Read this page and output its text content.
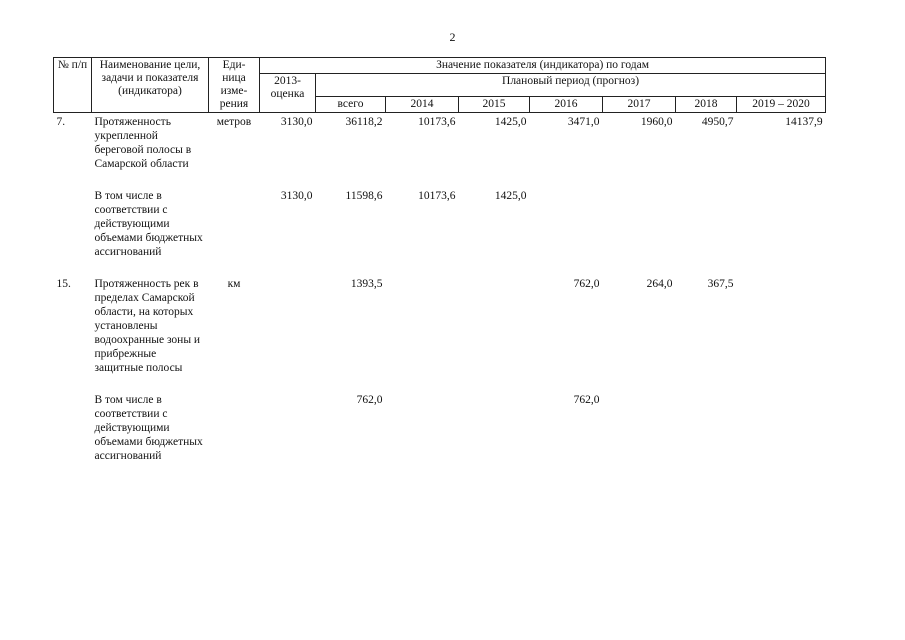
2
№ п/п	Наименование цели, задачи и показателя (индикатора)	Еди-ница изме-рения	Значение показателя (индикатора) по годам							
			2013-оценка	Плановый период (прогноз)						
				всего	2014	2015	2016	2017	2018	2019 – 2020
7.	Протяженность укрепленной береговой полосы в Самарской области	метров	3130,0	36118,2	10173,6	1425,0	3471,0	1960,0	4950,7	14137,9

	В том числе в соответствии с действующими объемами бюджетных ассигнований		3130,0	11598,6	10173,6	1425,0				

15.	Протяженность рек в пределах Самарской области, на которых установлены водоохранные зоны и прибрежные защитные полосы	км		1393,5			762,0	264,0	367,5	

	В том числе в соответствии с действующими объемами бюджетных ассигнований			762,0			762,0			
